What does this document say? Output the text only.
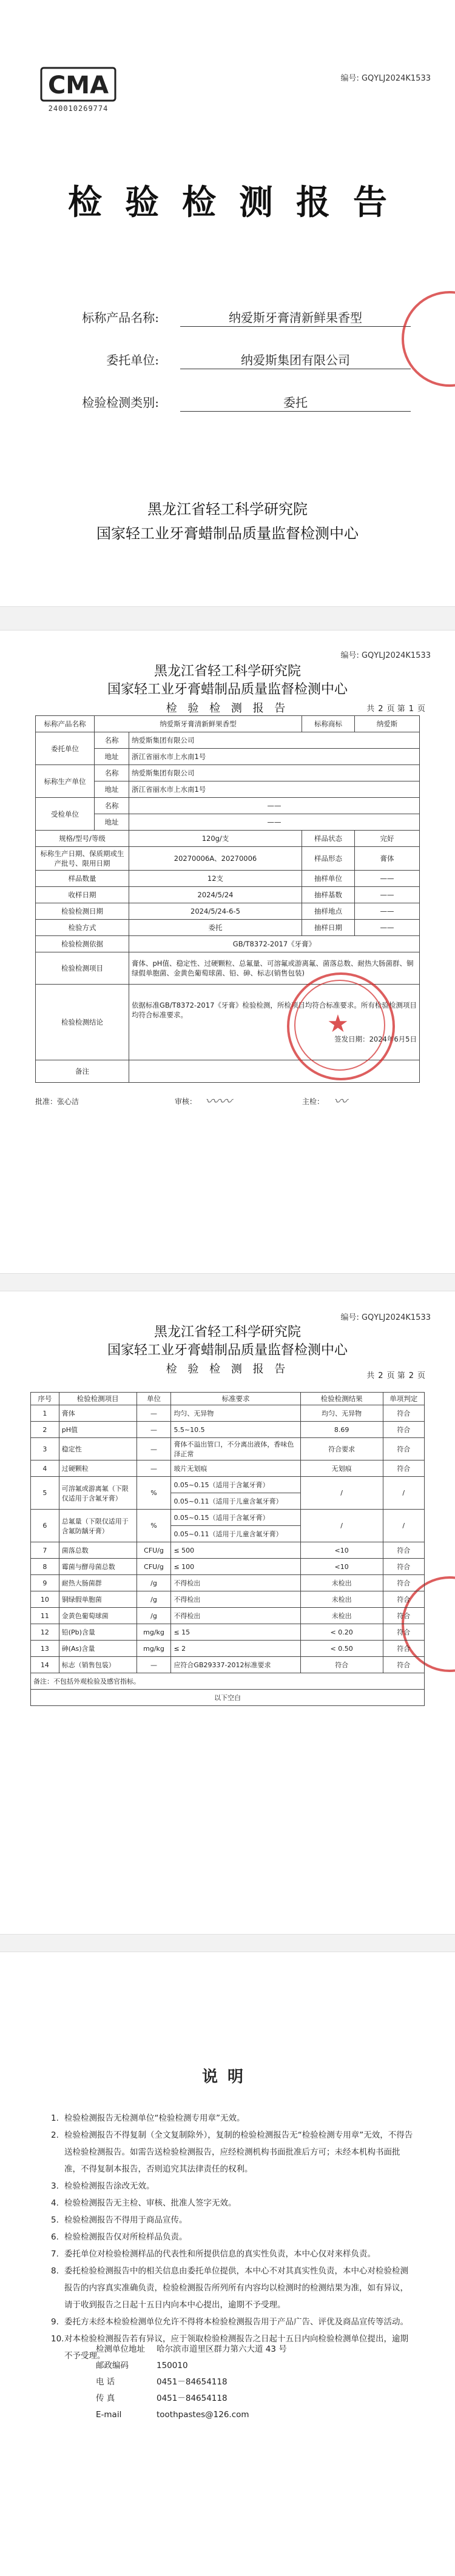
CMA
240010269774
编号: GQYLJ2024K1533
检验检测报告
标称产品名称:	纳爱斯牙膏清新鲜果香型
委托单位:	纳爱斯集团有限公司
检验检测类别:	委托
黑龙江省轻工科学研究院
国家轻工业牙膏蜡制品质量监督检测中心
编号: GQYLJ2024K1533
黑龙江省轻工科学研究院
国家轻工业牙膏蜡制品质量监督检测中心
检 验 检 测 报 告	共 2 页 第 1 页
标称产品名称	纳爱斯牙膏清新鲜果香型		标称商标	纳爱斯
委托单位	名称	纳爱斯集团有限公司		
	地址	浙江省丽水市上水南1号		
标称生产单位	名称	纳爱斯集团有限公司		
	地址	浙江省丽水市上水南1号		
受检单位	名称	——		
	地址	——		
规格/型号/等级		120g/支	样品状态	完好
标称生产日期、保质期或生产批号、限用日期		20270006A、20270006	样品形态	膏体
样品数量		12支	抽样单位	——
收样日期		2024/5/24	抽样基数	——
检验检测日期		2024/5/24-6-5	抽样地点	——
检验方式		委托	抽样日期	——
检验检测依据		GB/T8372-2017《牙膏》		
检验检测项目		膏体、pH值、稳定性、过硬颗粒、总氟量、可溶氟或游离氟、菌落总数、耐热大肠菌群、铜绿假单胞菌、金黄色葡萄球菌、铅、砷、标志(销售包装)		
检验检测结论		依据标准GB/T8372-2017《牙膏》检验检测，所检项目均符合标准要求。所有检验检测项目均符合标准要求。
签发日期：2024年6月5日
★		

备注				
批准：张心洁	审核： 〰〰	主检： 〰
编号: GQYLJ2024K1533
黑龙江省轻工科学研究院
国家轻工业牙膏蜡制品质量监督检测中心
检 验 检 测 报 告
共 2 页 第 2 页
序号	检验检测项目	单位	标准要求	检验检测结果	单项判定
1	膏体	—	均匀、无异物	均匀、无异物	符合
2	pH值	—	5.5~10.5	8.69	符合
3	稳定性	—	膏体不溢出管口，不分离出液体，香味色泽正常	符合要求	符合
4	过硬颗粒	—	玻片无划痕	无划痕	符合
5	可溶氟或游离氟（下限仅适用于含氟牙膏）	%	0.05~0.15（适用于含氟牙膏）	/	/
			0.05~0.11（适用于儿童含氟牙膏）		
6	总氟量（下限仅适用于含氟防龋牙膏）	%	0.05~0.15（适用于含氟牙膏）	/	/
			0.05~0.11（适用于儿童含氟牙膏）		
7	菌落总数	CFU/g	≤ 500	<10	符合
8	霉菌与酵母菌总数	CFU/g	≤ 100	<10	符合
9	耐热大肠菌群	/g	不得检出	未检出	符合
10	铜绿假单胞菌	/g	不得检出	未检出	符合
11	金黄色葡萄球菌	/g	不得检出	未检出	符合
12	铅(Pb)含量	mg/kg	≤ 15	< 0.20	符合
13	砷(As)含量	mg/kg	≤ 2	< 0.50	符合
14	标志（销售包装）	—	应符合GB29337-2012标准要求	符合	符合
备注：不包括外观检验及感官指标。					
以下空白					
说明
1. 检验检测报告无检测单位“检验检测专用章”无效。
2. 检验检测报告不得复制（全文复制除外），复制的检验检测报告无“检验检测专用章”无效，不得告送检验检测报告。如需告送检验检测报告，应经检测机构书面批准后方可；未经本机构书面批准，不得复制本报告，否则追究其法律责任的权利。
3. 检验检测报告涂改无效。
4. 检验检测报告无主检、审核、批准人签字无效。
5. 检验检测报告不得用于商品宣传。
6. 检验检测报告仅对所检样品负责。
7. 委托单位对检验检测样品的代表性和所提供信息的真实性负责，本中心仅对来样负责。
8. 委托检验检测报告中的相关信息由委托单位提供，本中心不对其真实性负责，本中心对检验检测报告的内容真实准确负责，检验检测报告所列所有内容均以检测时的检测结果为准，如有异议，请于收到报告之日起十五日内向本中心提出，逾期不予受理。
9. 委托方未经本检验检测单位允许不得将本检验检测报告用于产品广告、评优及商品宣传等活动。
10. 对本检验检测报告若有异议，应于领取检验检测报告之日起十五日内向检验检测单位提出，逾期不予受理。
检测单位地址	哈尔滨市道里区群力第六大道 43 号
邮政编码	150010
电 话	0451－84654118
传 真	0451－84654118
E-mail	toothpastes@126.com
